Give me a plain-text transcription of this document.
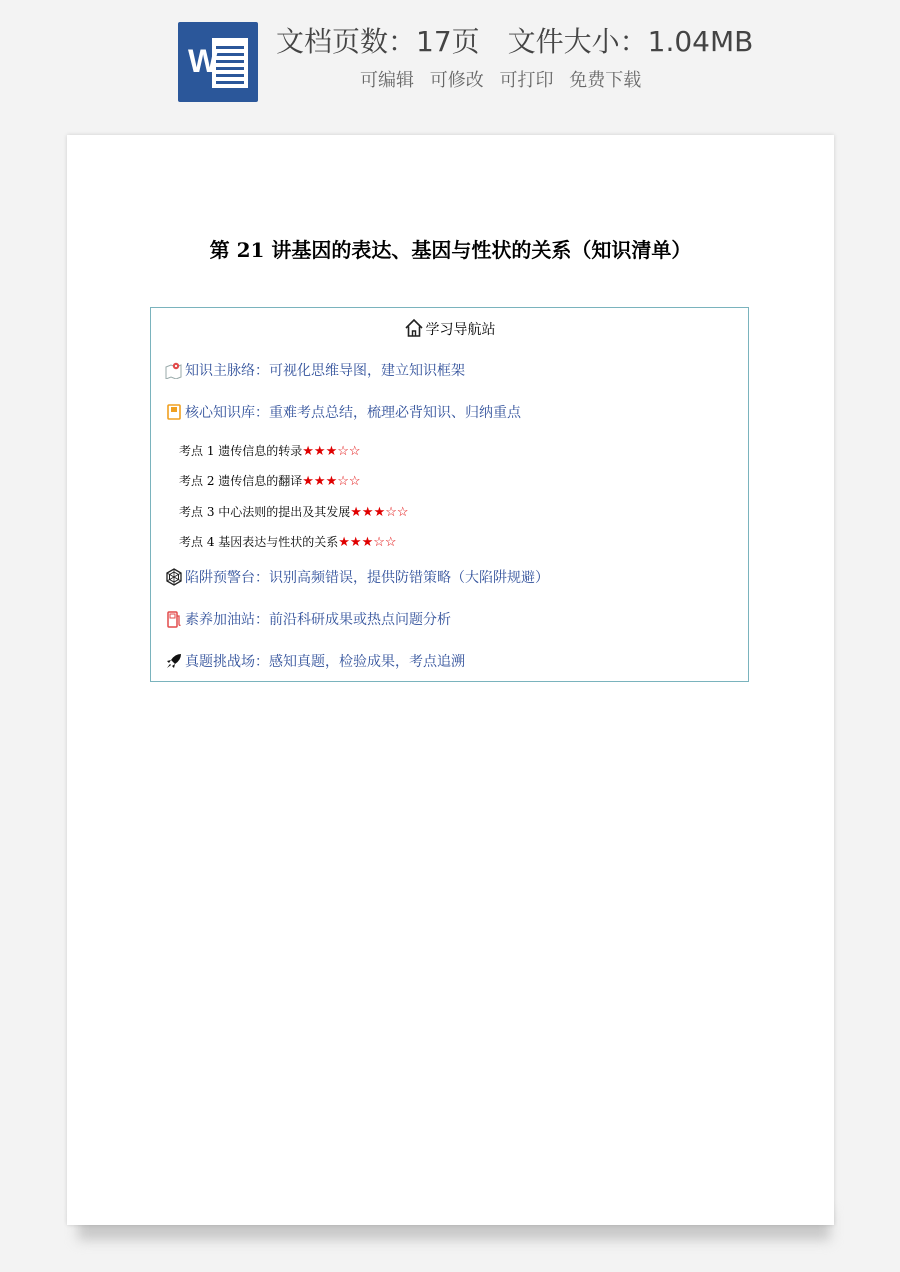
W
文档页数：17页 文件大小：1.04MB
可编辑 可修改 可打印 免费下载
第 21 讲基因的表达、基因与性状的关系（知识清单）
学习导航站
知识主脉络：可视化思维导图，建立知识框架
核心知识库：重难考点总结，梳理必背知识、归纳重点
考点 1 遗传信息的转录★★★☆☆
考点 2 遗传信息的翻译★★★☆☆
考点 3 中心法则的提出及其发展★★★☆☆
考点 4 基因表达与性状的关系★★★☆☆
陷阱预警台：识别高频错误，提供防错策略（大陷阱规避）
素养加油站：前沿科研成果或热点问题分析
真题挑战场：感知真题，检验成果，考点追溯
